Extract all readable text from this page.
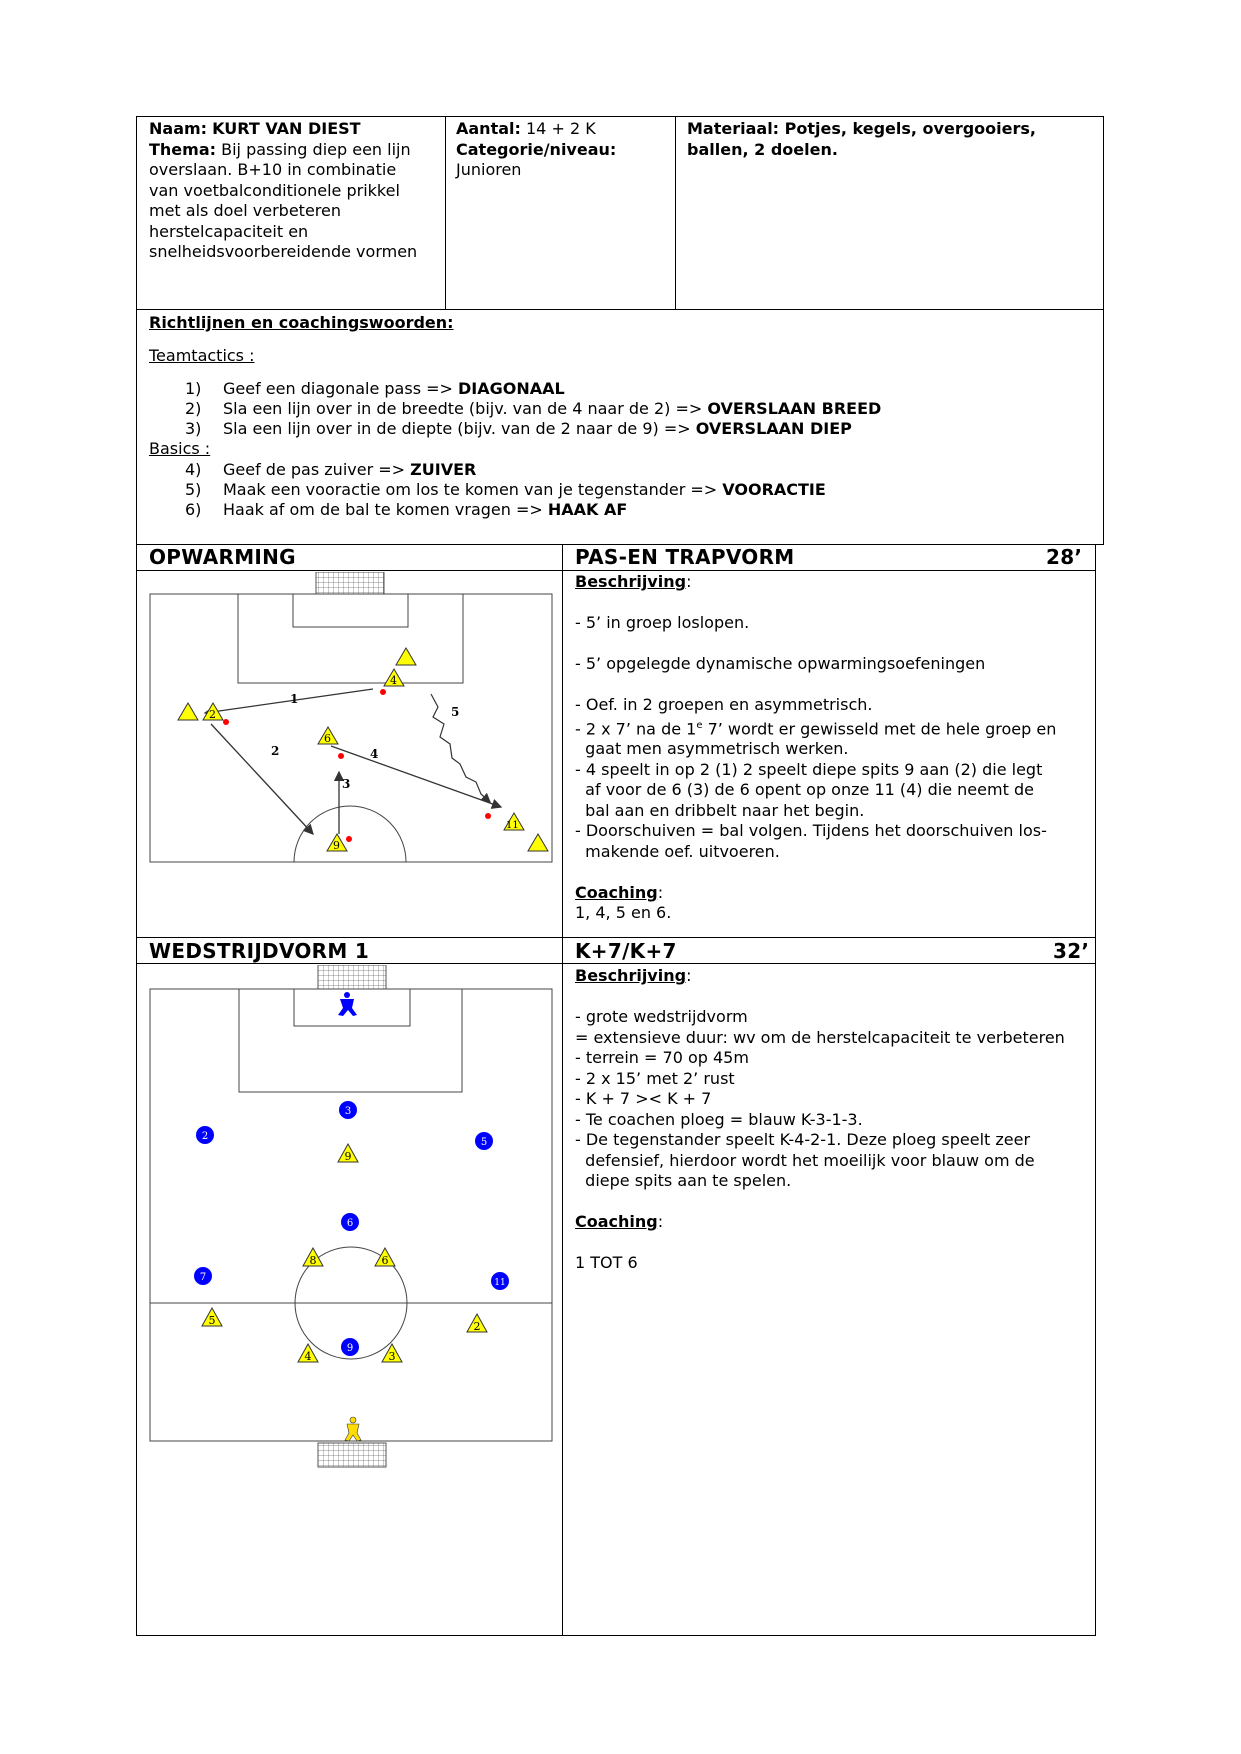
Naam: KURT VAN DIEST
Thema: Bij passing diep een lijn
overslaan. B+10 in combinatie
van voetbalconditionele prikkel
met als doel verbeteren
herstelcapaciteit en
snelheidsvoorbereidende vormen
Aantal: 14 + 2 K
Categorie/niveau:
Junioren
Materiaal: Potjes, kegels, overgooiers,
ballen, 2 doelen.
Richtlijnen en coachingswoorden:
Teamtactics :
1) Geef een diagonale pass => DIAGONAAL
2) Sla een lijn over in de breedte (bijv. van de 4 naar de 2) => OVERSLAAN BREED
3) Sla een lijn over in de diepte (bijv. van de 2 naar de 9) => OVERSLAAN DIEP
Basics :
4) Geef de pas zuiver => ZUIVER
5) Maak een vooractie om los te komen van je tegenstander => VOORACTIE
6) Haak af om de bal te komen vragen => HAAK AF
OPWARMING	PAS-EN TRAPVORM	28’
Beschrijving:

- 5’ in groep loslopen.

- 5’ opgelegde dynamische opwarmingsoefeningen

- Oef. in 2 groepen en asymmetrisch.
- 2 x 7’ na de 1e 7’ wordt er gewisseld met de hele groep en
gaat men asymmetrisch werken.
- 4 speelt in op 2 (1) 2 speelt diepe spits 9 aan (2) die legt
af voor de 6 (3) de 6 opent op onze 11 (4) die neemt de
bal aan en dribbelt naar het begin.
- Doorschuiven = bal volgen. Tijdens het doorschuiven los-
makende oef. uitvoeren.

Coaching:
1, 4, 5 en 6.
1
2
3
4
5
2
4
6
9
11
WEDSTRIJDVORM 1	K+7/K+7	32’
Beschrijving:

- grote wedstrijdvorm
= extensieve duur: wv om de herstelcapaciteit te verbeteren
- terrein = 70 op 45m
- 2 x 15’ met 2’ rust
- K + 7 >< K + 7
- Te coachen ploeg = blauw K-3-1-3.
- De tegenstander speelt K-4-2-1. Deze ploeg speelt zeer
defensief, hierdoor wordt het moeilijk voor blauw om de
diepe spits aan te spelen.

Coaching:

1 TOT 6
3
2
5
6
7	11
9
9
8	6
5	2
4	3
